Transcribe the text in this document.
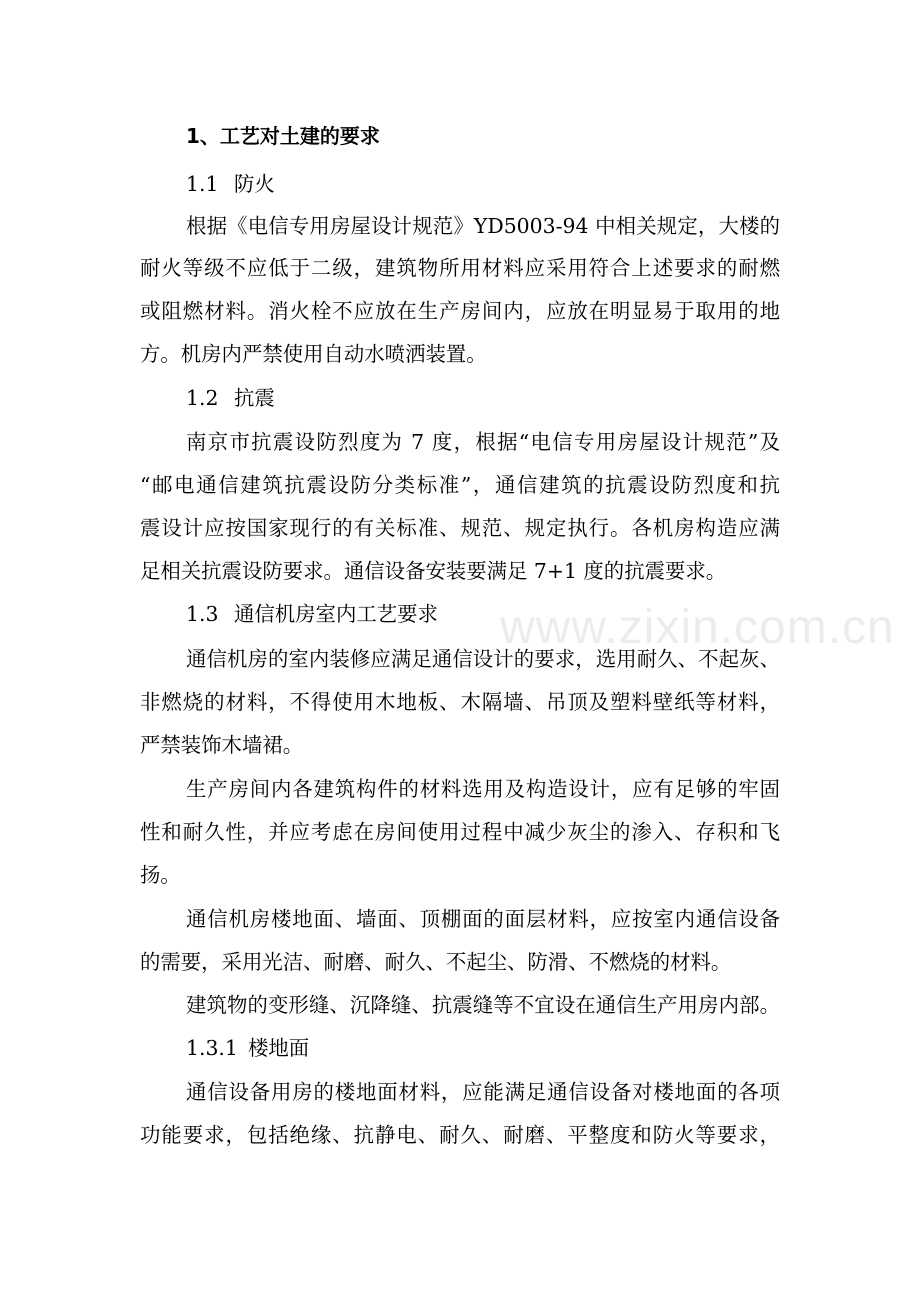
1、工艺对土建的要求
1.1 防火
根据《电信专用房屋设计规范》YD5003-94 中相关规定，大楼的
耐火等级不应低于二级，建筑物所用材料应采用符合上述要求的耐燃
或阻燃材料。消火栓不应放在生产房间内，应放在明显易于取用的地
方。机房内严禁使用自动水喷洒装置。
1.2 抗震
南京市抗震设防烈度为 7 度，根据“电信专用房屋设计规范”及
“邮电通信建筑抗震设防分类标准”，通信建筑的抗震设防烈度和抗
震设计应按国家现行的有关标准、规范、规定执行。各机房构造应满
足相关抗震设防要求。通信设备安装要满足 7+1 度的抗震要求。
1.3 通信机房室内工艺要求
通信机房的室内装修应满足通信设计的要求，选用耐久、不起灰、
非燃烧的材料，不得使用木地板、木隔墙、吊顶及塑料壁纸等材料，
严禁装饰木墙裙。
生产房间内各建筑构件的材料选用及构造设计，应有足够的牢固
性和耐久性，并应考虑在房间使用过程中减少灰尘的渗入、存积和飞
扬。
通信机房楼地面、墙面、顶棚面的面层材料，应按室内通信设备
的需要，采用光洁、耐磨、耐久、不起尘、防滑、不燃烧的材料。
建筑物的变形缝、沉降缝、抗震缝等不宜设在通信生产用房内部。
1.3.1 楼地面
通信设备用房的楼地面材料，应能满足通信设备对楼地面的各项
功能要求，包括绝缘、抗静电、耐久、耐磨、平整度和防火等要求，
www.zixin.com.cn
